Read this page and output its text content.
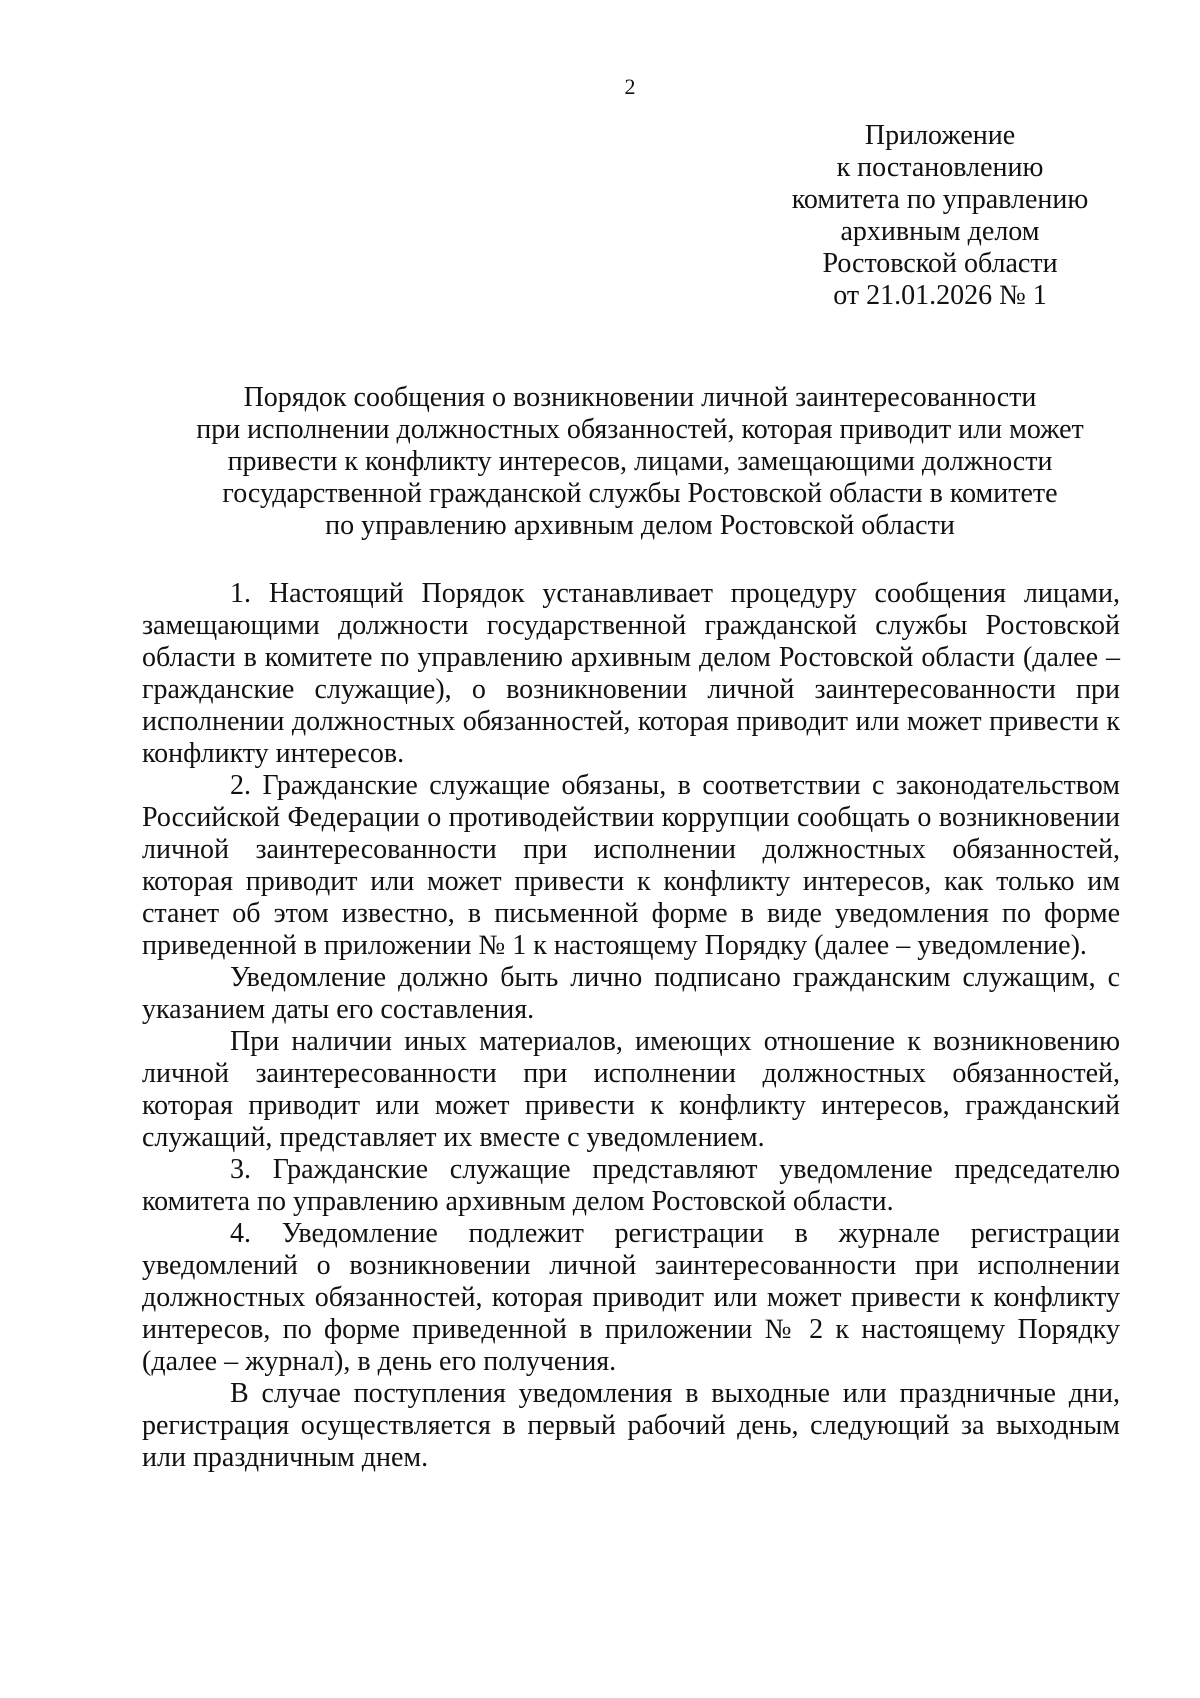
2
Приложение
к постановлению
комитета по управлению
архивным делом
Ростовской области
от 21.01.2026 № 1
Порядок сообщения о возникновении личной заинтересованности
при исполнении должностных обязанностей, которая приводит или может
привести к конфликту интересов, лицами, замещающими должности
государственной гражданской службы Ростовской области в комитете
по управлению архивным делом Ростовской области

1. Настоящий Порядок устанавливает процедуру сообщения лицами, замещающими должности государственной гражданской службы Ростовской области в комитете по управлению архивным делом Ростовской области (далее – гражданские служащие), о возникновении личной заинтересованности при исполнении должностных обязанностей, которая приводит или может привести к конфликту интересов.

2. Гражданские служащие обязаны, в соответствии с законодательством Российской Федерации о противодействии коррупции сообщать о возникновении личной заинтересованности при исполнении должностных обязанностей, которая приводит или может привести к конфликту интересов, как только им станет об этом известно, в письменной форме в виде уведомления по форме приведенной в приложении № 1 к настоящему Порядку (далее – уведомление).

Уведомление должно быть лично подписано гражданским служащим, с указанием даты его составления.

При наличии иных материалов, имеющих отношение к возникновению личной заинтересованности при исполнении должностных обязанностей, которая приводит или может привести к конфликту интересов, гражданский служащий, представляет их вместе с уведомлением.

3. Гражданские служащие представляют уведомление председателю комитета по управлению архивным делом Ростовской области.

4. Уведомление подлежит регистрации в журнале регистрации уведомлений о возникновении личной заинтересованности при исполнении должностных обязанностей, которая приводит или может привести к конфликту интересов, по форме приведенной в приложении № 2 к настоящему Порядку (далее – журнал), в день его получения.

В случае поступления уведомления в выходные или праздничные дни, регистрация осуществляется в первый рабочий день, следующий за выходным или праздничным днем.
